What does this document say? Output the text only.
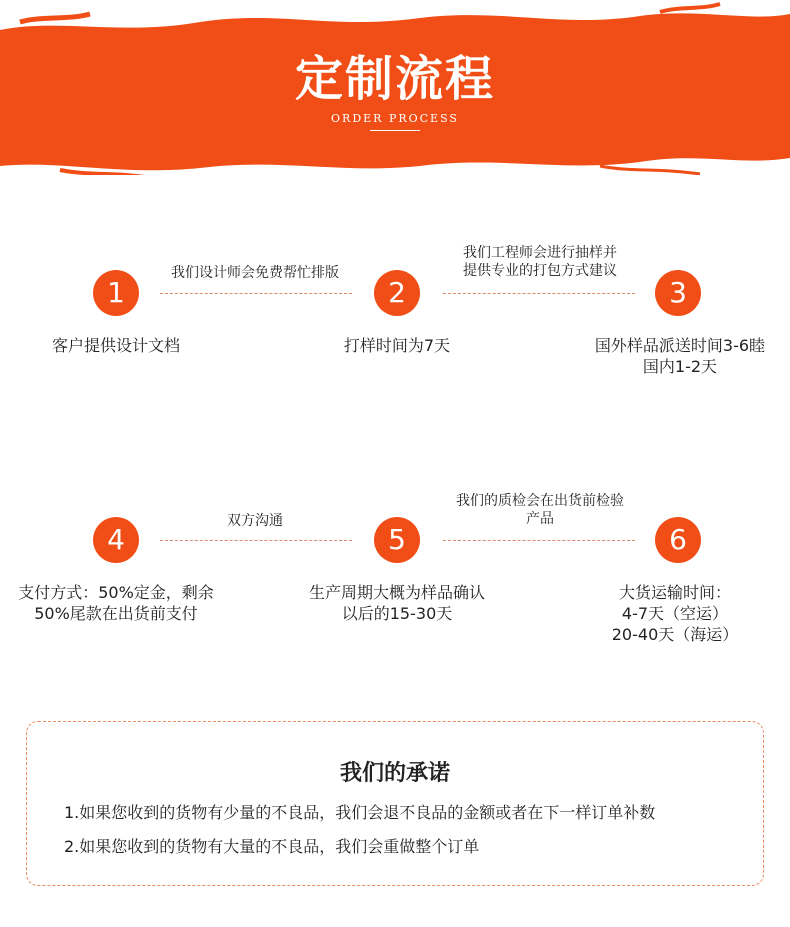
定制流程
ORDER PROCESS
1	2	3
我们设计师会免费帮忙排版
我们工程师会进行抽样并
提供专业的打包方式建议
客户提供设计文档	打样时间为7天	国外样品派送时间3-6睦
国内1-2天
4	5	6
双方沟通
我们的质检会在出货前检验
产品
支付方式：50%定金，剩余
50%尾款在出货前支付
生产周期大概为样品确认
以后的15-30天
大货运输时间：
4-7天（空运）
20-40天（海运）
我们的承诺
1.如果您收到的货物有少量的不良品，我们会退不良品的金额或者在下一样订单补数
2.如果您收到的货物有大量的不良品，我们会重做整个订单
